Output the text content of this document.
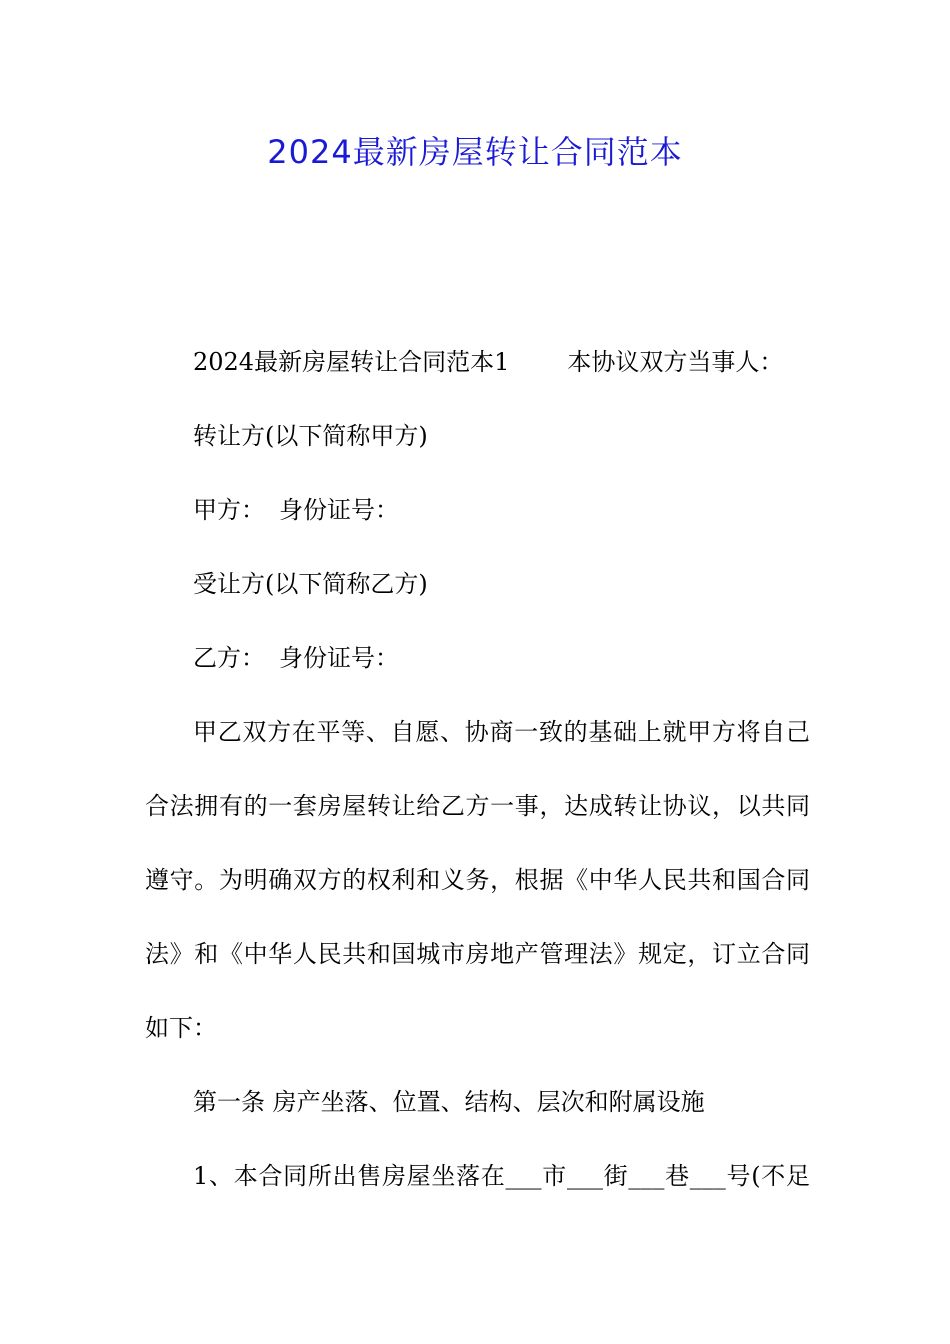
2024最新房屋转让合同范本
2024最新房屋转让合同范本1 本协议双方当事人：
转让方(以下简称甲方)
甲方： 身份证号：
受让方(以下简称乙方)
乙方： 身份证号：
甲乙双方在平等、自愿、协商一致的基础上就甲方将自己
合法拥有的一套房屋转让给乙方一事，达成转让协议，以共同
遵守。为明确双方的权利和义务，根据《中华人民共和国合同
法》和《中华人民共和国城市房地产管理法》规定，订立合同
如下：
第一条 房产坐落、位置、结构、层次和附属设施
1、本合同所出售房屋坐落在___市___街___巷___号(不足
